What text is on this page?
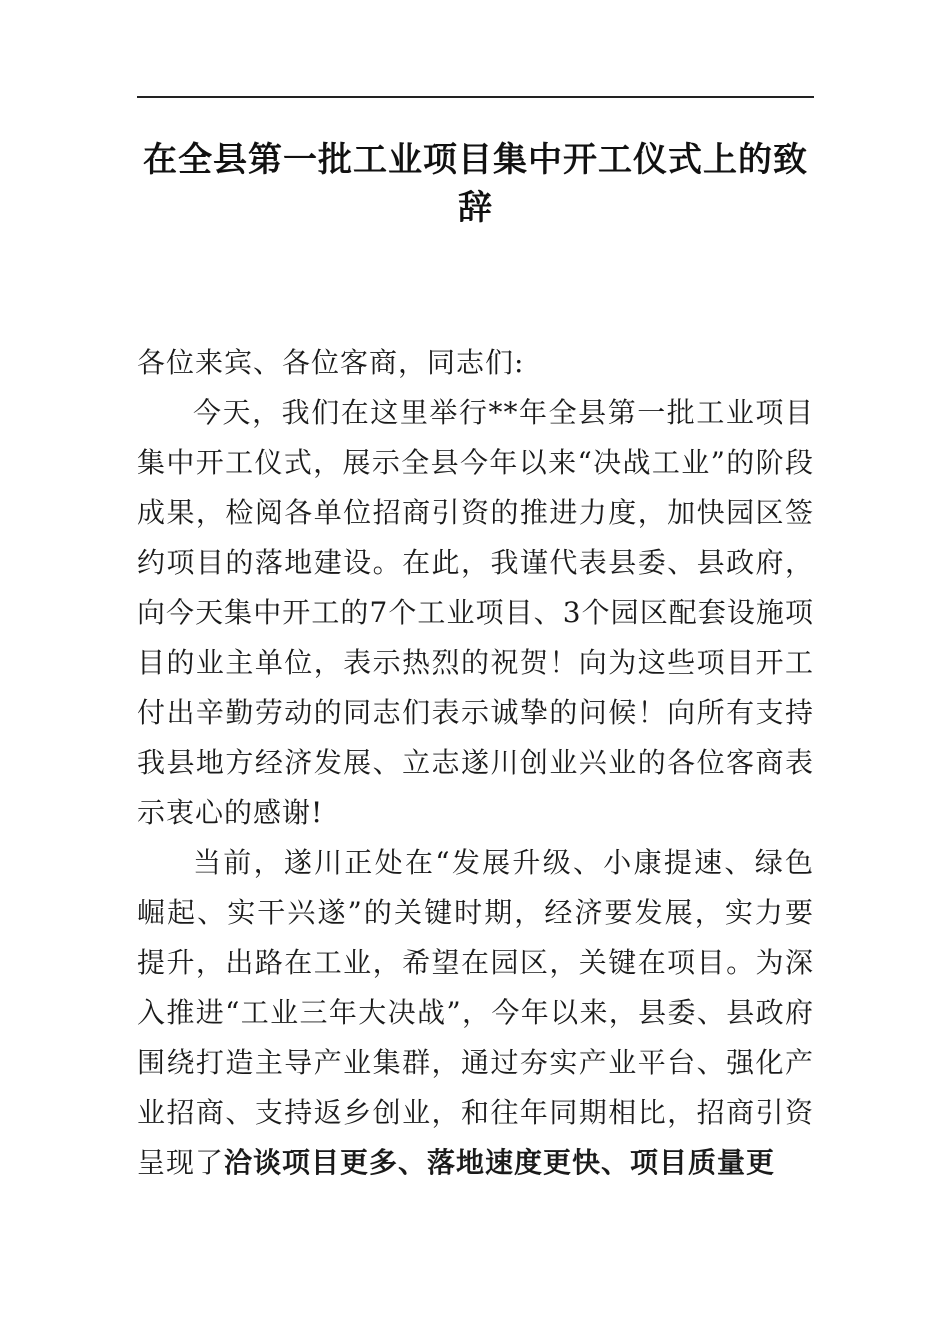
在全县第一批工业项目集中开工仪式上的致辞

各位来宾、各位客商，同志们:

今天，我们在这里举行**年全县第一批工业项目集中开工仪式，展示全县今年以来“决战工业”的阶段成果，检阅各单位招商引资的推进力度，加快园区签约项目的落地建设。在此，我谨代表县委、县政府，向今天集中开工的7个工业项目、3个园区配套设施项目的业主单位，表示热烈的祝贺！向为这些项目开工付出辛勤劳动的同志们表示诚挚的问候！向所有支持我县地方经济发展、立志遂川创业兴业的各位客商表示衷心的感谢!

当前，遂川正处在“发展升级、小康提速、绿色崛起、实干兴遂”的关键时期，经济要发展，实力要提升，出路在工业，希望在园区，关键在项目。为深入推进“工业三年大决战”，今年以来，县委、县政府围绕打造主导产业集群，通过夯实产业平台、强化产业招商、支持返乡创业，和往年同期相比，招商引资呈现了洽谈项目更多、落地速度更快、项目质量更
